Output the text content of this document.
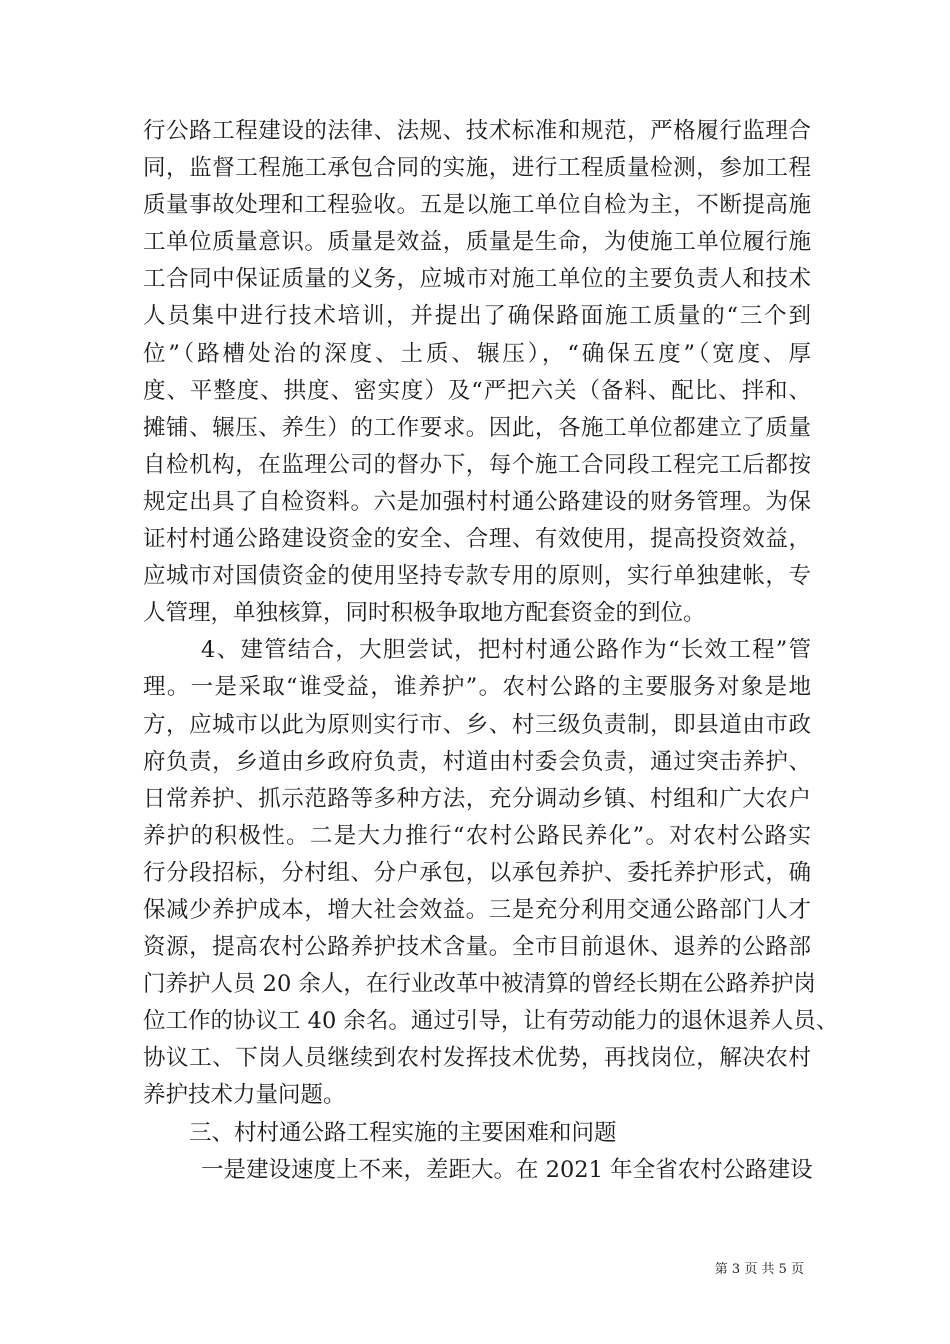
行公路工程建设的法律、法规、技术标准和规范，严格履行监理合
同，监督工程施工承包合同的实施，进行工程质量检测，参加工程
质量事故处理和工程验收。五是以施工单位自检为主，不断提高施
工单位质量意识。质量是效益，质量是生命，为使施工单位履行施
工合同中保证质量的义务，应城市对施工单位的主要负责人和技术
人员集中进行技术培训，并提出了确保路面施工质量的“三个到
位”（路槽处治的深度、土质、辗压），“确保五度”（宽度、厚
度、平整度、拱度、密实度）及“严把六关（备料、配比、拌和、
摊铺、辗压、养生）的工作要求。因此，各施工单位都建立了质量
自检机构，在监理公司的督办下，每个施工合同段工程完工后都按
规定出具了自检资料。六是加强村村通公路建设的财务管理。为保
证村村通公路建设资金的安全、合理、有效使用，提高投资效益，
应城市对国债资金的使用坚持专款专用的原则，实行单独建帐，专
人管理，单独核算，同时积极争取地方配套资金的到位。
4、建管结合，大胆尝试，把村村通公路作为“长效工程”管
理。一是采取“谁受益，谁养护”。农村公路的主要服务对象是地
方，应城市以此为原则实行市、乡、村三级负责制，即县道由市政
府负责，乡道由乡政府负责，村道由村委会负责，通过突击养护、
日常养护、抓示范路等多种方法，充分调动乡镇、村组和广大农户
养护的积极性。二是大力推行“农村公路民养化”。对农村公路实
行分段招标，分村组、分户承包，以承包养护、委托养护形式，确
保减少养护成本，增大社会效益。三是充分利用交通公路部门人才
资源，提高农村公路养护技术含量。全市目前退休、退养的公路部
门养护人员 20 余人，在行业改革中被清算的曾经长期在公路养护岗
位工作的协议工 40 余名。通过引导，让有劳动能力的退休退养人员、
协议工、下岗人员继续到农村发挥技术优势，再找岗位，解决农村
养护技术力量问题。
三、村村通公路工程实施的主要困难和问题
一是建设速度上不来，差距大。在 2021 年全省农村公路建设
第 3 页 共 5 页
